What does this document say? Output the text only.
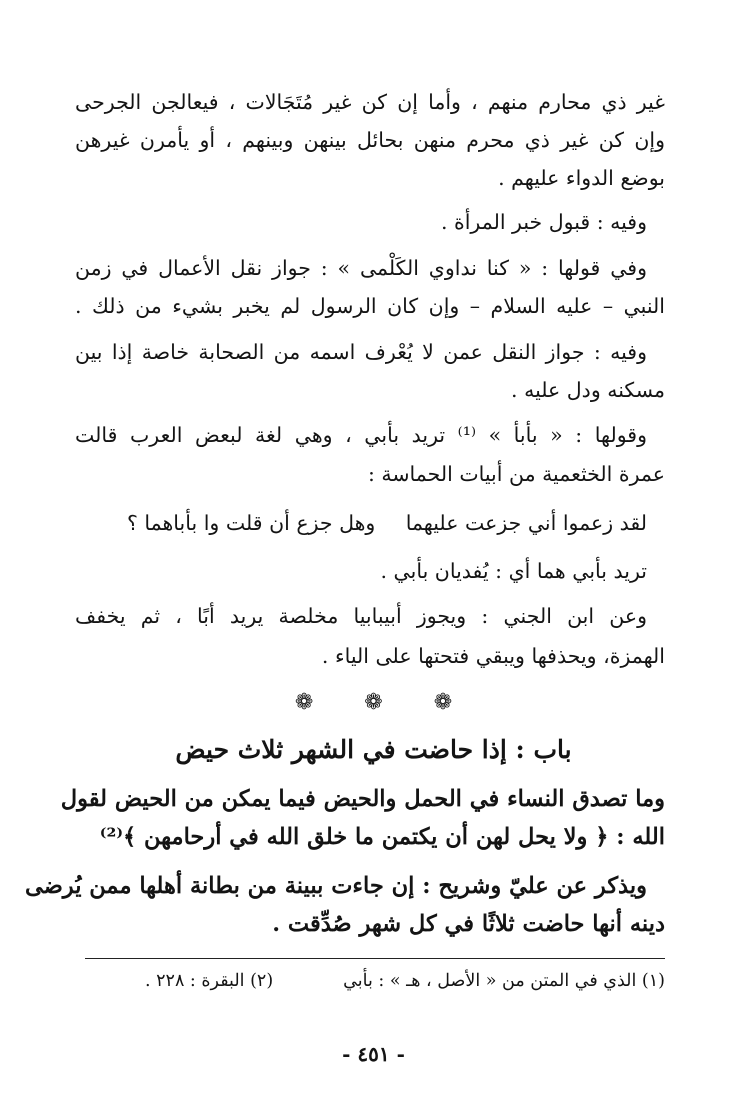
غير ذي محارم منهم ، وأما إن كن غير مُتَجَالات ، فيعالجن الجرحى
وإن كن غير ذي محرم منهن بحائل بينهن وبينهم ، أو يأمرن غيرهن
بوضع الدواء عليهم .
وفيه : قبول خبر المرأة .
وفي قولها : « كنا نداوي الكَلْمى » : جواز نقل الأعمال في زمن
النبي – عليه السلام – وإن كان الرسول لم يخبر بشيء من ذلك .
وفيه : جواز النقل عمن لا يُعْرف اسمه من الصحابة خاصة إذا بين
مسكنه ودل عليه .
وقولها : « بأبأ » ⁽¹⁾ تريد بأبي ، وهي لغة لبعض العرب قالت
عمرة الخثعمية من أبيات الحماسة :
لقد زعموا أني جزعت عليهما
وهل جزع أن قلت وا بأباهما ؟
تريد بأبي هما أي : يُفديان بأبي .
وعن ابن الجني : ويجوز أبيبابيا مخلصة يريد أبًا ، ثم يخفف
الهمزة، ويحذفها ويبقي فتحتها على الياء .
❁ ❁ ❁
باب : إذا حاضت في الشهر ثلاث حيض
وما تصدق النساء في الحمل والحيض فيما يمكن من الحيض لقول
الله : ﴿ ولا يحل لهن أن يكتمن ما خلق الله في أرحامهن ﴾⁽²⁾
ويذكر عن عليّ وشريح : إن جاءت ببينة من بطانة أهلها ممن يُرضى
دينه أنها حاضت ثلاثًا في كل شهر صُدِّقت .
(١) الذي في المتن من « الأصل ، هـ » : بأبي
(٢) البقرة : ٢٢٨ .
- ٤٥١ -
